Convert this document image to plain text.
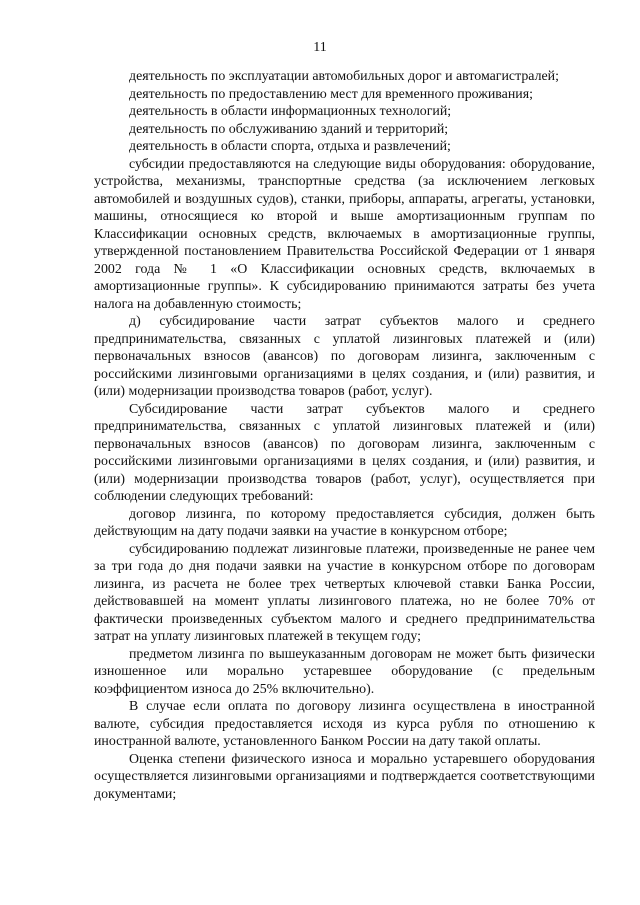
11

деятельность по эксплуатации автомобильных дорог и автомагистралей;

деятельность по предоставлению мест для временного проживания;

деятельность в области информационных технологий;

деятельность по обслуживанию зданий и территорий;

деятельность в области спорта, отдыха и развлечений;

субсидии предоставляются на следующие виды оборудования: оборудование, устройства, механизмы, транспортные средства (за исключением легковых автомобилей и воздушных судов), станки, приборы, аппараты, агрегаты, установки, машины, относящиеся ко второй и выше амортизационным группам по Классификации основных средств, включаемых в амортизационные группы, утвержденной постановлением Правительства Российской Федерации от 1 января 2002 года № 1 «О Классификации основных средств, включаемых в амортизационные группы». К субсидированию принимаются затраты без учета налога на добавленную стоимость;

д) субсидирование части затрат субъектов малого и среднего предпринимательства, связанных с уплатой лизинговых платежей и (или) первоначальных взносов (авансов) по договорам лизинга, заключенным с российскими лизинговыми организациями в целях создания, и (или) развития, и (или) модернизации производства товаров (работ, услуг).

Субсидирование части затрат субъектов малого и среднего предпринимательства, связанных с уплатой лизинговых платежей и (или) первоначальных взносов (авансов) по договорам лизинга, заключенным с российскими лизинговыми организациями в целях создания, и (или) развития, и (или) модернизации производства товаров (работ, услуг), осуществляется при соблюдении следующих требований:

договор лизинга, по которому предоставляется субсидия, должен быть действующим на дату подачи заявки на участие в конкурсном отборе;

субсидированию подлежат лизинговые платежи, произведенные не ранее чем за три года до дня подачи заявки на участие в конкурсном отборе по договорам лизинга, из расчета не более трех четвертых ключевой ставки Банка России, действовавшей на момент уплаты лизингового платежа, но не более 70% от фактически произведенных субъектом малого и среднего предпринимательства затрат на уплату лизинговых платежей в текущем году;

предметом лизинга по вышеуказанным договорам не может быть физически изношенное или морально устаревшее оборудование (с предельным коэффициентом износа до 25% включительно).

В случае если оплата по договору лизинга осуществлена в иностранной валюте, субсидия предоставляется исходя из курса рубля по отношению к иностранной валюте, установленного Банком России на дату такой оплаты.

Оценка степени физического износа и морально устаревшего оборудования осуществляется лизинговыми организациями и подтверждается соответствующими документами;
